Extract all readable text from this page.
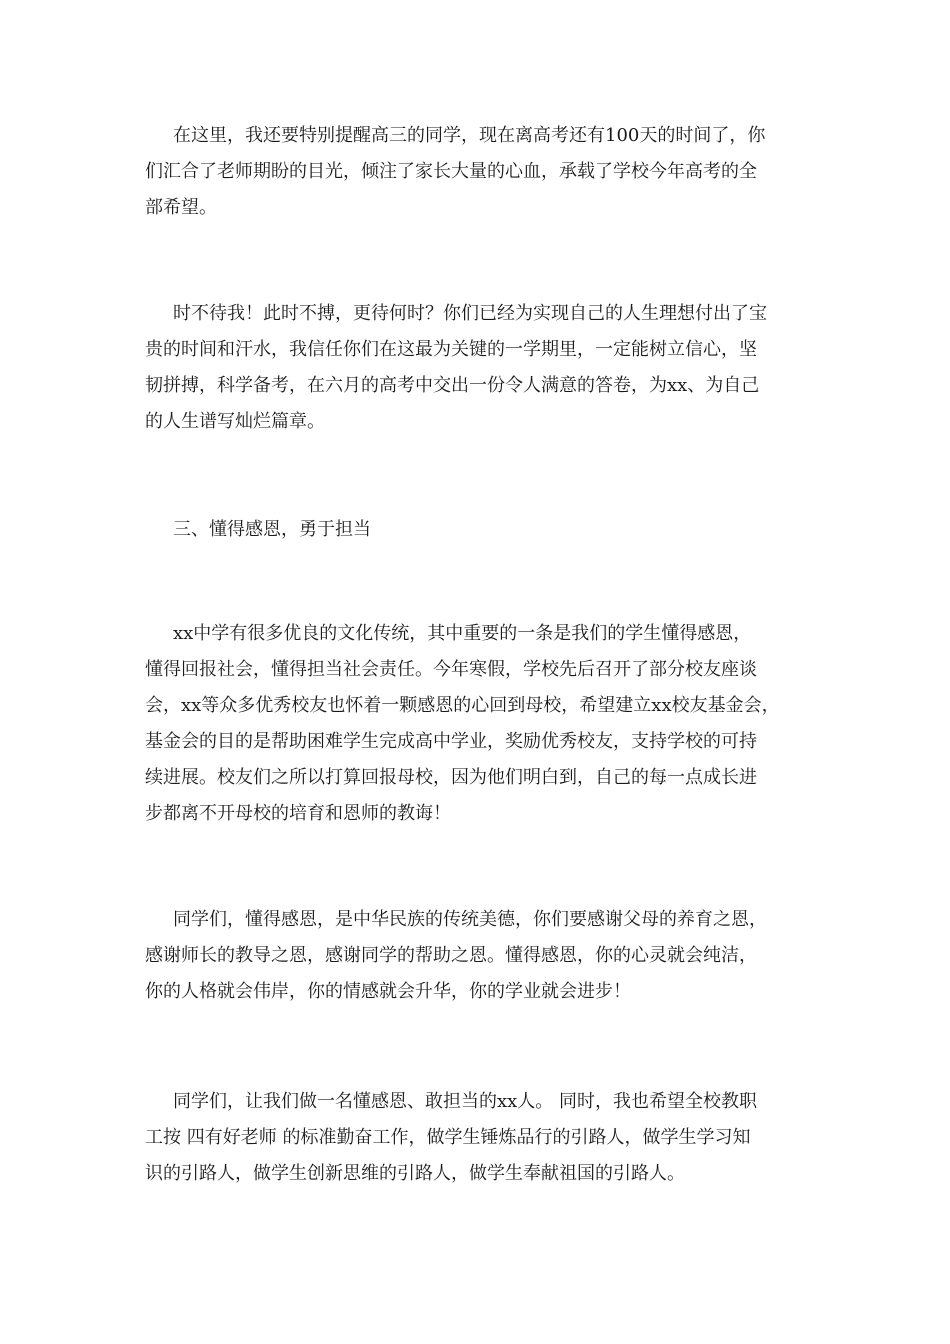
在这里，我还要特别提醒高三的同学，现在离高考还有100天的时间了，你
们汇合了老师期盼的目光，倾注了家长大量的心血，承载了学校今年高考的全
部希望。

时不待我！此时不搏，更待何时？你们已经为实现自己的人生理想付出了宝
贵的时间和汗水，我信任你们在这最为关键的一学期里，一定能树立信心，坚
韧拼搏，科学备考，在六月的高考中交出一份令人满意的答卷，为xx、为自己
的人生谱写灿烂篇章。

三、懂得感恩，勇于担当

xx中学有很多优良的文化传统，其中重要的一条是我们的学生懂得感恩，
懂得回报社会，懂得担当社会责任。今年寒假，学校先后召开了部分校友座谈
会，xx等众多优秀校友也怀着一颗感恩的心回到母校，希望建立xx校友基金会，
基金会的目的是帮助困难学生完成高中学业，奖励优秀校友，支持学校的可持
续进展。校友们之所以打算回报母校，因为他们明白到，自己的每一点成长进
步都离不开母校的培育和恩师的教诲！

同学们，懂得感恩，是中华民族的传统美德，你们要感谢父母的养育之恩，
感谢师长的教导之恩，感谢同学的帮助之恩。懂得感恩，你的心灵就会纯洁，
你的人格就会伟岸，你的情感就会升华，你的学业就会进步！

同学们，让我们做一名懂感恩、敢担当的xx人。 同时，我也希望全校教职
工按 四有好老师 的标准勤奋工作，做学生锤炼品行的引路人，做学生学习知
识的引路人，做学生创新思维的引路人，做学生奉献祖国的引路人。
